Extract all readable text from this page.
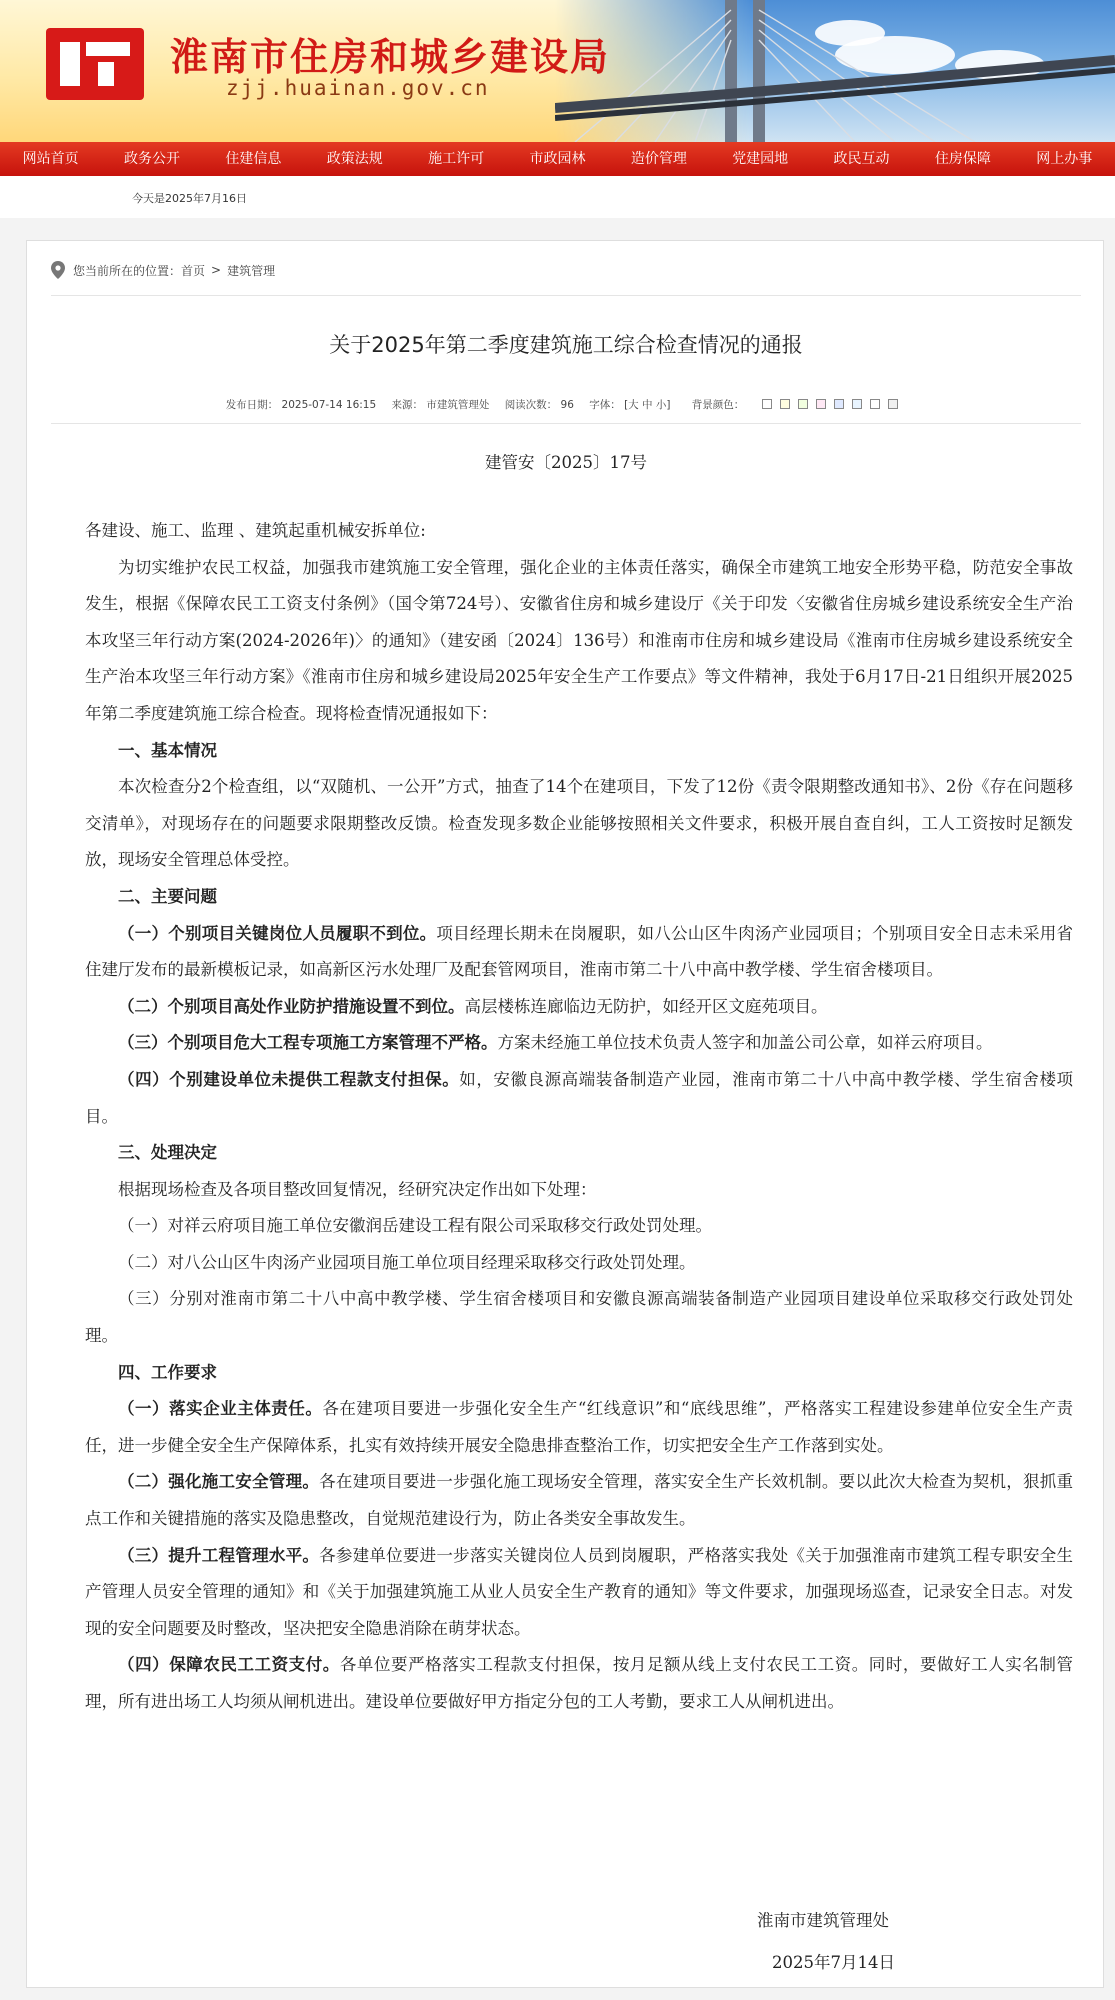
淮南市住房和城乡建设局
zjj.huainan.gov.cn
网站首页	政务公开	住建信息	政策法规	施工许可	市政园林	造价管理	党建园地	政民互动	住房保障	网上办事
今天是2025年7月16日
您当前所在的位置： 首页 > 建筑管理
关于2025年第二季度建筑施工综合检查情况的通报
发布日期： 2025-07-14 16:15 来源： 市建筑管理处 阅读次数： 96 字体： [大 中 小] 背景颜色：
建管安〔2025〕17号

各建设、施工、监理 、建筑起重机械安拆单位:

为切实维护农民工权益，加强我市建筑施工安全管理，强化企业的主体责任落实，确保全市建筑工地安全形势平稳，防范安全事故发生，根据《保障农民工工资支付条例》（国令第724号）、安徽省住房和城乡建设厅《关于印发〈安徽省住房城乡建设系统安全生产治本攻坚三年行动方案(2024-2026年)〉的通知》（建安函〔2024〕136号）和淮南市住房和城乡建设局《淮南市住房城乡建设系统安全生产治本攻坚三年行动方案》《淮南市住房和城乡建设局2025年安全生产工作要点》等文件精神，我处于6月17日-21日组织开展2025年第二季度建筑施工综合检查。现将检查情况通报如下：

一、基本情况

本次检查分2个检查组，以“双随机、一公开”方式，抽查了14个在建项目，下发了12份《责令限期整改通知书》、2份《存在问题移交清单》，对现场存在的问题要求限期整改反馈。检查发现多数企业能够按照相关文件要求，积极开展自查自纠，工人工资按时足额发放，现场安全管理总体受控。

二、主要问题

（一）个别项目关键岗位人员履职不到位。项目经理长期未在岗履职，如八公山区牛肉汤产业园项目；个别项目安全日志未采用省住建厅发布的最新模板记录，如高新区污水处理厂及配套管网项目，淮南市第二十八中高中教学楼、学生宿舍楼项目。

（二）个别项目高处作业防护措施设置不到位。高层楼栋连廊临边无防护，如经开区文庭苑项目。

（三）个别项目危大工程专项施工方案管理不严格。方案未经施工单位技术负责人签字和加盖公司公章，如祥云府项目。

（四）个别建设单位未提供工程款支付担保。如，安徽良源高端装备制造产业园，淮南市第二十八中高中教学楼、学生宿舍楼项目。

三、处理决定

根据现场检查及各项目整改回复情况，经研究决定作出如下处理：

（一）对祥云府项目施工单位安徽润岳建设工程有限公司采取移交行政处罚处理。

（二）对八公山区牛肉汤产业园项目施工单位项目经理采取移交行政处罚处理。

（三）分别对淮南市第二十八中高中教学楼、学生宿舍楼项目和安徽良源高端装备制造产业园项目建设单位采取移交行政处罚处理。

四、工作要求

（一）落实企业主体责任。各在建项目要进一步强化安全生产“红线意识”和“底线思维”，严格落实工程建设参建单位安全生产责任，进一步健全安全生产保障体系，扎实有效持续开展安全隐患排查整治工作，切实把安全生产工作落到实处。

（二）强化施工安全管理。各在建项目要进一步强化施工现场安全管理，落实安全生产长效机制。要以此次大检查为契机，狠抓重点工作和关键措施的落实及隐患整改，自觉规范建设行为，防止各类安全事故发生。

（三）提升工程管理水平。各参建单位要进一步落实关键岗位人员到岗履职，严格落实我处《关于加强淮南市建筑工程专职安全生产管理人员安全管理的通知》和《关于加强建筑施工从业人员安全生产教育的通知》等文件要求，加强现场巡查，记录安全日志。对发现的安全问题要及时整改，坚决把安全隐患消除在萌芽状态。

（四）保障农民工工资支付。各单位要严格落实工程款支付担保，按月足额从线上支付农民工工资。同时，要做好工人实名制管理，所有进出场工人均须从闸机进出。建设单位要做好甲方指定分包的工人考勤，要求工人从闸机进出。

淮南市建筑管理处
2025年7月14日
